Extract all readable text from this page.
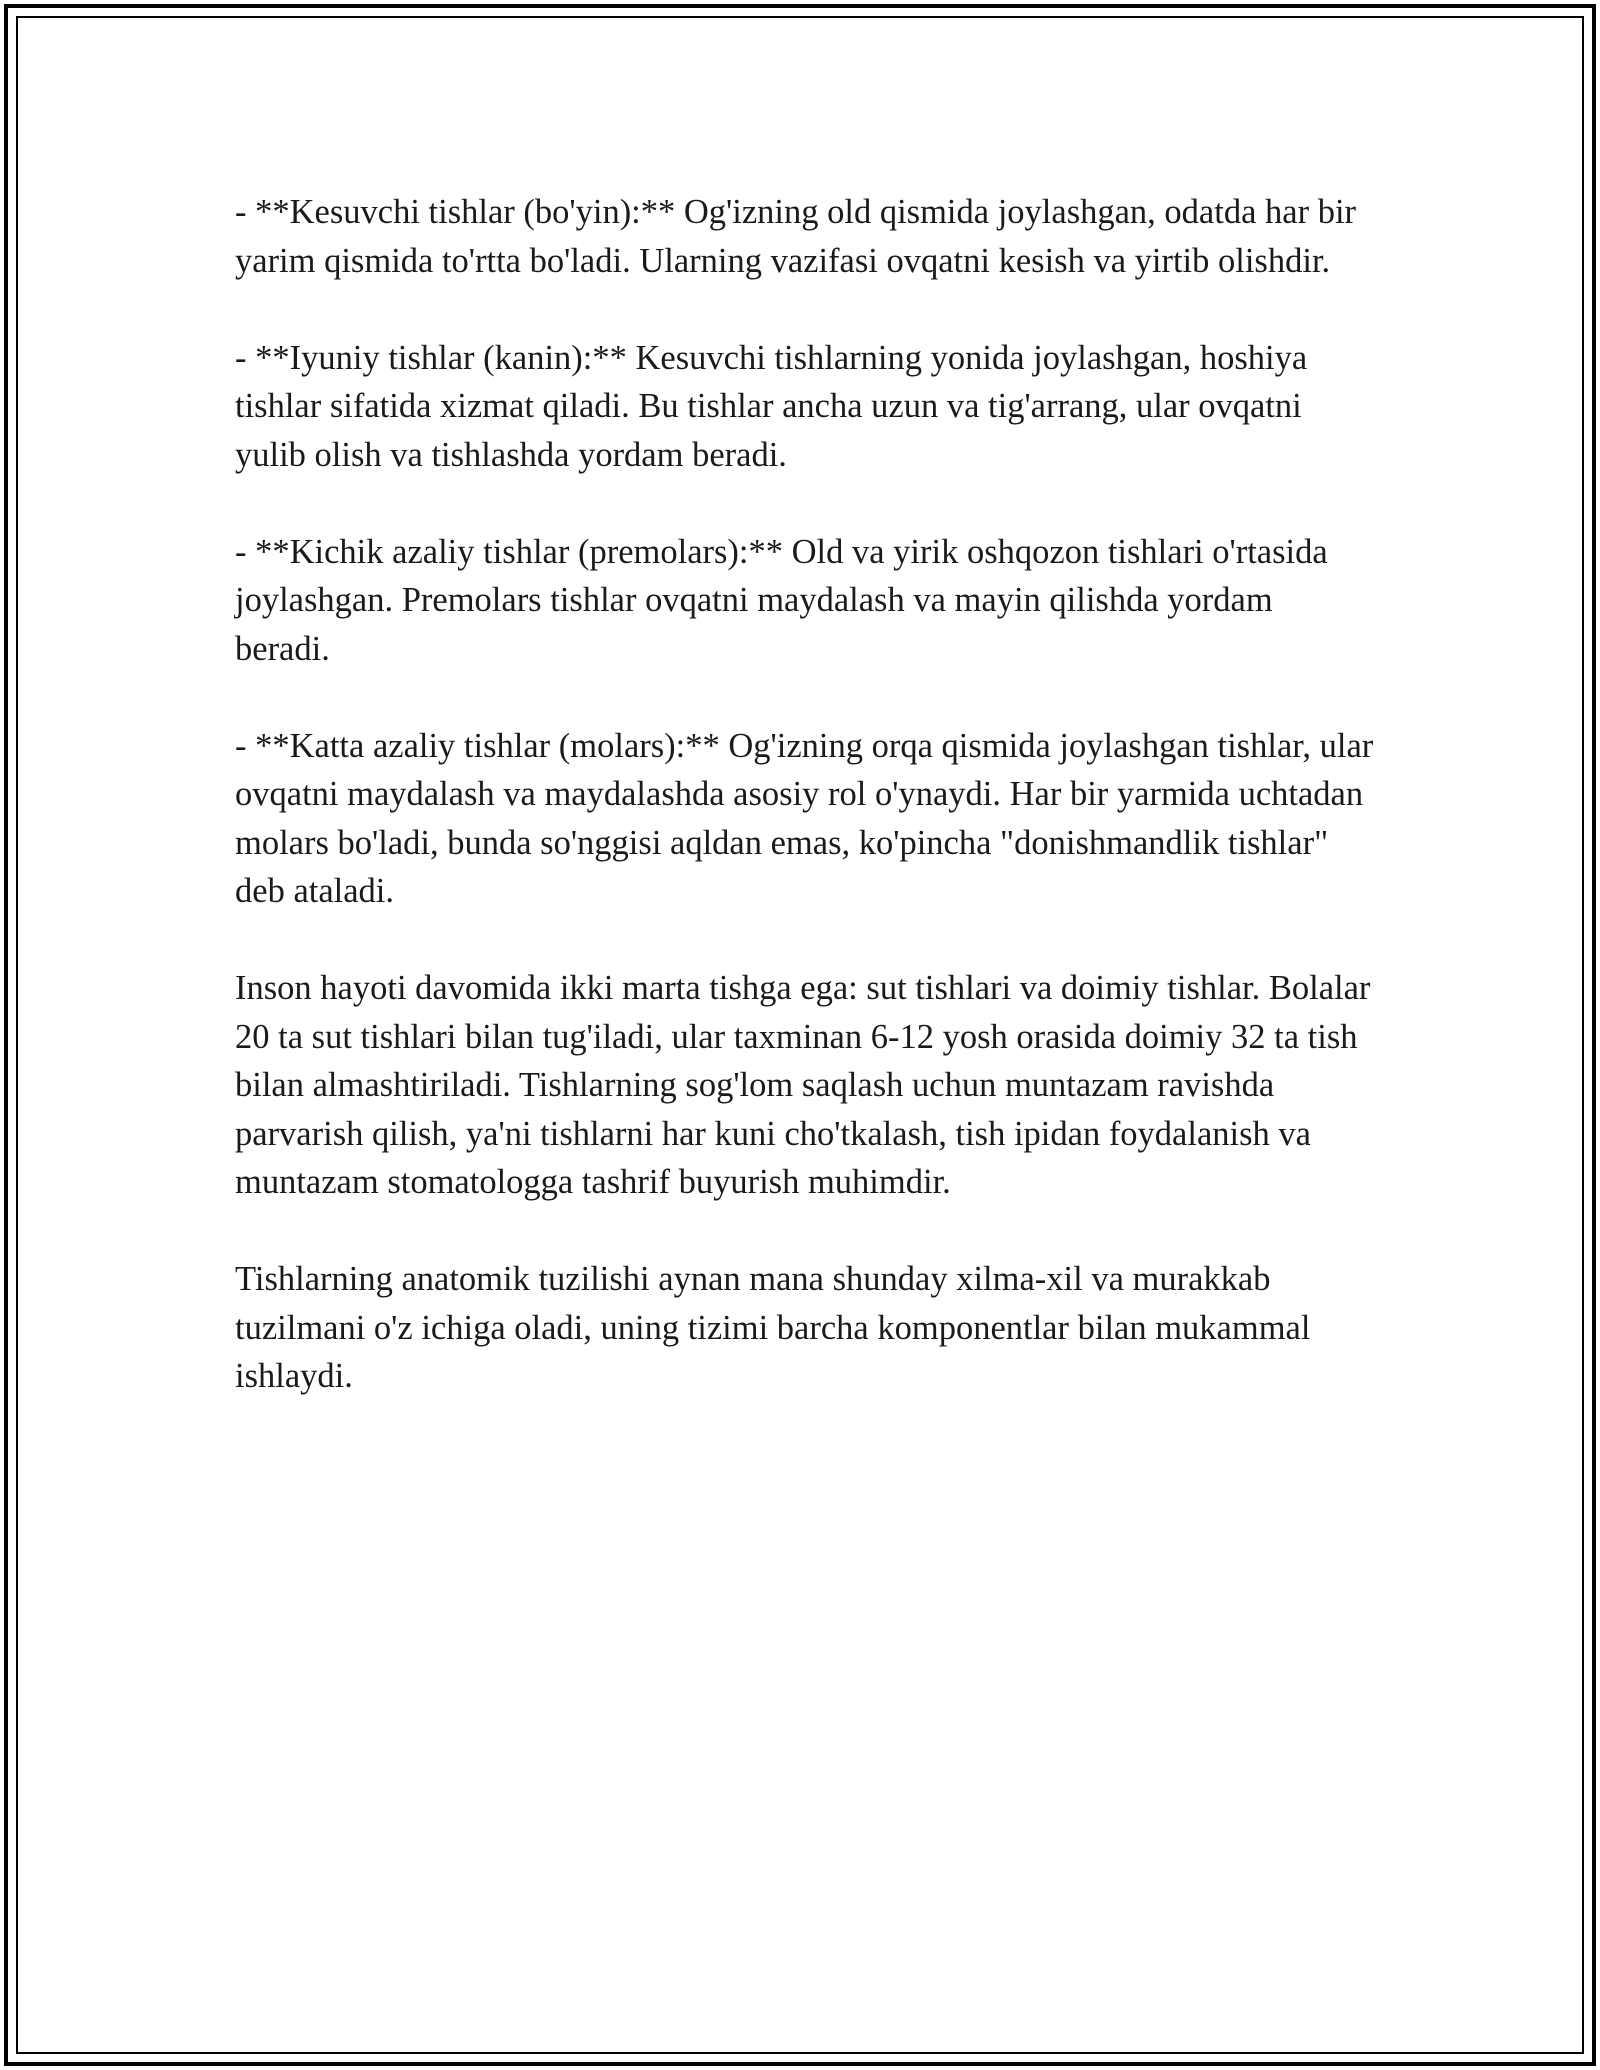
- **Kesuvchi tishlar (bo'yin):** Og'izning old qismida joylashgan, odatda har bir yarim qismida to'rtta bo'ladi. Ularning vazifasi ovqatni kesish va yirtib olishdir.

- **Iyuniy tishlar (kanin):** Kesuvchi tishlarning yonida joylashgan, hoshiya tishlar sifatida xizmat qiladi. Bu tishlar ancha uzun va tig'arrang, ular ovqatni yulib olish va tishlashda yordam beradi.

- **Kichik azaliy tishlar (premolars):** Old va yirik oshqozon tishlari o'rtasida joylashgan. Premolars tishlar ovqatni maydalash va mayin qilishda yordam beradi.

- **Katta azaliy tishlar (molars):** Og'izning orqa qismida joylashgan tishlar, ular ovqatni maydalash va maydalashda asosiy rol o'ynaydi. Har bir yarmida uchtadan molars bo'ladi, bunda so'nggisi aqldan emas, ko'pincha "donishmandlik tishlar" deb ataladi.

Inson hayoti davomida ikki marta tishga ega: sut tishlari va doimiy tishlar. Bolalar 20 ta sut tishlari bilan tug'iladi, ular taxminan 6-12 yosh orasida doimiy 32 ta tish bilan almashtiriladi. Tishlarning sog'lom saqlash uchun muntazam ravishda parvarish qilish, ya'ni tishlarni har kuni cho'tkalash, tish ipidan foydalanish va muntazam stomatologga tashrif buyurish muhimdir.

Tishlarning anatomik tuzilishi aynan mana shunday xilma-xil va murakkab tuzilmani o'z ichiga oladi, uning tizimi barcha komponentlar bilan mukammal ishlaydi.
